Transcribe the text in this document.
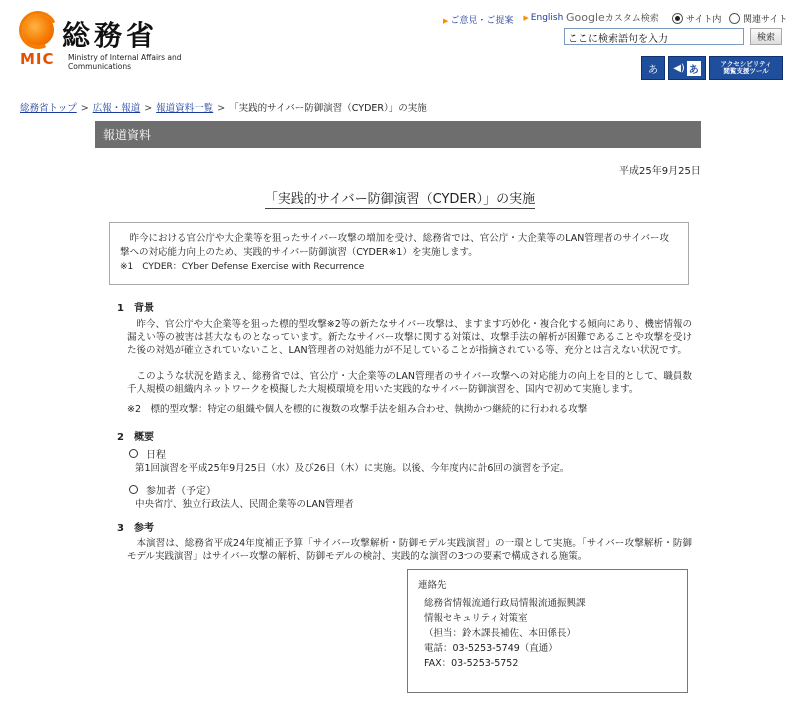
MIC
総務省
Ministry of Internal Affairs and Communications
▶ ご意見・ご提案 ▶ English Googleカスタム検索	サイト内 関連サイト
ここに検索語句を入力	検索
あ ◀) あ
アクセシビリティ
閲覧支援ツール
総務省トップ > 広報・報道 > 報道資料一覧 > 「実践的サイバー防御演習（CYDER）」の実施
報道資料
平成25年9月25日
「実践的サイバー防御演習（CYDER）」の実施
昨今における官公庁や大企業等を狙ったサイバー攻撃の増加を受け、総務省では、官公庁・大企業等のLAN管理者のサイバー攻撃への対応能力向上のため、実践的サイバー防御演習（CYDER※1）を実施します。
※1　CYDER：CYber Defense Exercise with Recurrence
1　背景
昨今、官公庁や大企業等を狙った標的型攻撃※2等の新たなサイバー攻撃は、ますます巧妙化・複合化する傾向にあり、機密情報の漏えい等の被害は甚大なものとなっています。新たなサイバー攻撃に関する対策は、攻撃手法の解析が困難であることや攻撃を受けた後の対処が確立されていないこと、LAN管理者の対処能力が不足していることが指摘されている等、充分とは言えない状況です。
このような状況を踏まえ、総務省では、官公庁・大企業等のLAN管理者のサイバー攻撃への対応能力の向上を目的として、職員数千人規模の組織内ネットワークを模擬した大規模環境を用いた実践的なサイバー防御演習を、国内で初めて実施します。
※2　標的型攻撃：特定の組織や個人を標的に複数の攻撃手法を組み合わせ、執拗かつ継続的に行われる攻撃
2　概要
日程
第1回演習を平成25年9月25日（水）及び26日（木）に実施。以後、今年度内に計6回の演習を予定。
参加者（予定）
中央省庁、独立行政法人、民間企業等のLAN管理者
3　参考
本演習は、総務省平成24年度補正予算「サイバー攻撃解析・防御モデル実践演習」の一環として実施。「サイバー攻撃解析・防御モデル実践演習」はサイバー攻撃の解析、防御モデルの検討、実践的な演習の3つの要素で構成される施策。
連絡先
総務省情報流通行政局情報流通振興課
情報セキュリティ対策室
（担当：鈴木課長補佐、本田係長）
電話：03-5253-5749（直通）
FAX：03-5253-5752
